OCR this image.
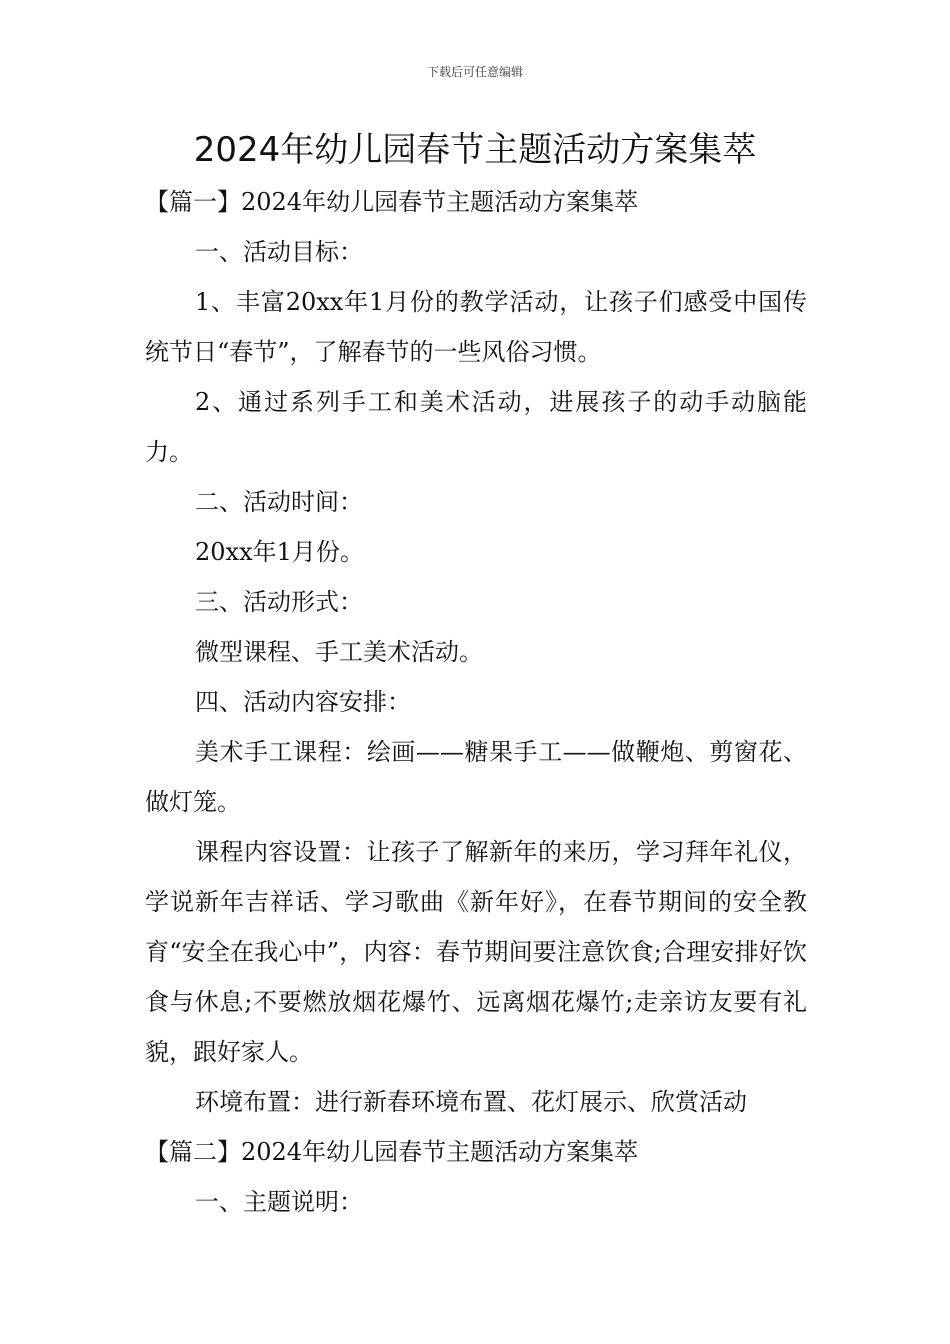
下载后可任意编辑
2024年幼儿园春节主题活动方案集萃

【篇一】2024年幼儿园春节主题活动方案集萃

一、活动目标：

1、丰富20xx年1月份的教学活动，让孩子们感受中国传统节日“春节”，了解春节的一些风俗习惯。

2、通过系列手工和美术活动，进展孩子的动手动脑能力。

二、活动时间：

20xx年1月份。

三、活动形式：

微型课程、手工美术活动。

四、活动内容安排：

美术手工课程：绘画——糖果手工——做鞭炮、剪窗花、做灯笼。

课程内容设置：让孩子了解新年的来历，学习拜年礼仪，学说新年吉祥话、学习歌曲《新年好》，在春节期间的安全教育“安全在我心中”，内容：春节期间要注意饮食;合理安排好饮食与休息;不要燃放烟花爆竹、远离烟花爆竹;走亲访友要有礼貌，跟好家人。

环境布置：进行新春环境布置、花灯展示、欣赏活动

【篇二】2024年幼儿园春节主题活动方案集萃

一、主题说明：
